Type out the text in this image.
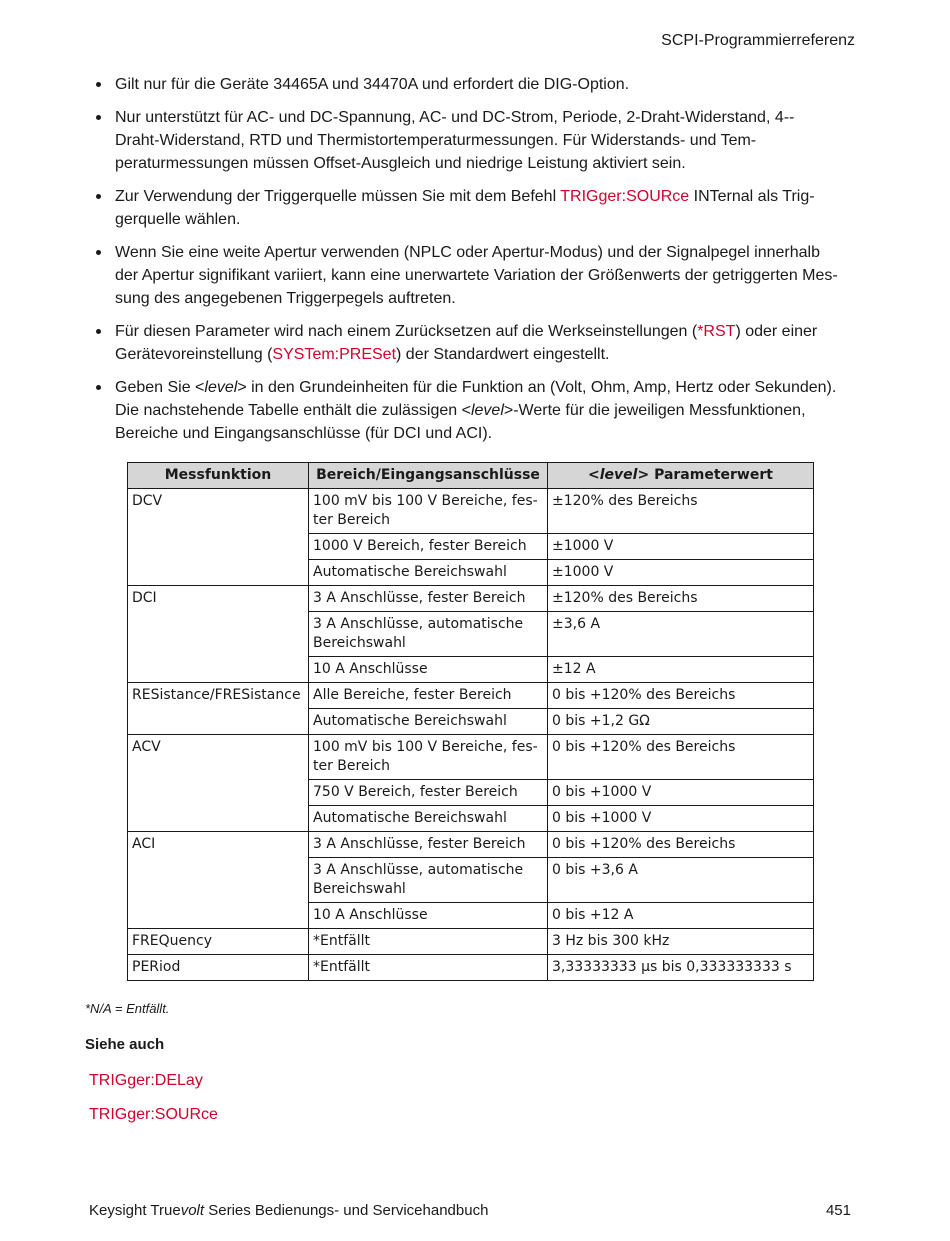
SCPI-Programmierreferenz
Gilt nur für die Geräte 34465A und 34470A und erfordert die DIG-Option.
Nur unterstützt für AC- und DC-Spannung, AC- und DC-Strom, Periode, 2-Draht-Widerstand, 4--
Draht-Widerstand, RTD und Thermistortemperaturmessungen. Für Widerstands- und Tem-
peraturmessungen müssen Offset-Ausgleich und niedrige Leistung aktiviert sein.
Zur Verwendung der Triggerquelle müssen Sie mit dem Befehl TRIGger:SOURce INTernal als Trig-
gerquelle wählen.
Wenn Sie eine weite Apertur verwenden (NPLC oder Apertur-Modus) und der Signalpegel innerhalb
der Apertur signifikant variiert, kann eine unerwartete Variation der Größenwerts der getriggerten Mes-
sung des angegebenen Triggerpegels auftreten.
Für diesen Parameter wird nach einem Zurücksetzen auf die Werkseinstellungen (*RST) oder einer
Gerätevoreinstellung (SYSTem:PRESet) der Standardwert eingestellt.
Geben Sie <level> in den Grundeinheiten für die Funktion an (Volt, Ohm, Amp, Hertz oder Sekunden).
Die nachstehende Tabelle enthält die zulässigen <level>-Werte für die jeweiligen Messfunktionen,
Bereiche und Eingangsanschlüsse (für DCI und ACI).
Messfunktion	Bereich/Eingangsanschlüsse	<level> Parameterwert
DCV	100 mV bis 100 V Bereiche, fes-ter Bereich	±120% des Bereichs
	1000 V Bereich, fester Bereich	±1000 V
	Automatische Bereichswahl	±1000 V
DCI	3 A Anschlüsse, fester Bereich	±120% des Bereichs
	3 A Anschlüsse, automatische Bereichswahl	±3,6 A
	10 A Anschlüsse	±12 A
RESistance/FRESistance	Alle Bereiche, fester Bereich	0 bis +120% des Bereichs
	Automatische Bereichswahl	0 bis +1,2 GΩ
ACV	100 mV bis 100 V Bereiche, fes-ter Bereich	0 bis +120% des Bereichs
	750 V Bereich, fester Bereich	0 bis +1000 V
	Automatische Bereichswahl	0 bis +1000 V
ACI	3 A Anschlüsse, fester Bereich	0 bis +120% des Bereichs
	3 A Anschlüsse, automatische Bereichswahl	0 bis +3,6 A
	10 A Anschlüsse	0 bis +12 A
FREQuency	*Entfällt	3 Hz bis 300 kHz
PERiod	*Entfällt	3,33333333 µs bis 0,333333333 s
*N/A = Entfällt.
Siehe auch
TRIGger:DELay
TRIGger:SOURce
Keysight Truevolt Series Bedienungs- und Servicehandbuch	451
